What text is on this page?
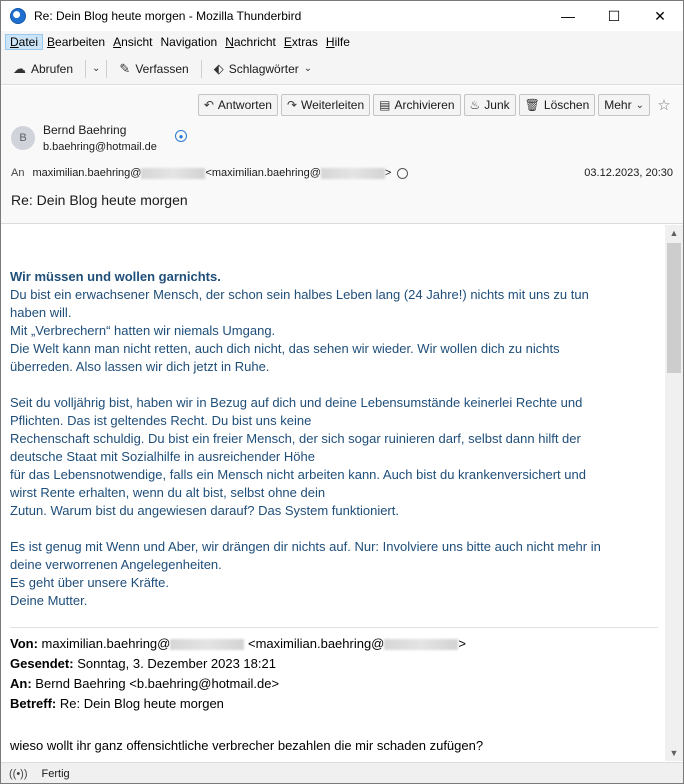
Re: Dein Blog heute morgen - Mozilla Thunderbird	—	☐	✕
Datei Bearbeiten Ansicht Navigation Nachricht Extras Hilfe
☁ Abrufen ⌄ ✎ Verfassen ⬖ Schlagwörter ⌄
↶ Antworten ↷ Weiterleiten ▤ Archivieren ♨ Junk 🗑 Löschen Mehr ⌄ ☆
B
Bernd Baehring
b.baehring@hotmail.de
●
An maximilian.baehring@	<maximilian.baehring@	>	03.12.2023, 20:30
Re: Dein Blog heute morgen

Wir müssen und wollen garnichts.

Du bist ein erwachsener Mensch, der schon sein halbes Leben lang (24 Jahre!) nichts mit uns zu tun

haben will.

Mit „Verbrechern“ hatten wir niemals Umgang.

Die Welt kann man nicht retten, auch dich nicht, das sehen wir wieder. Wir wollen dich zu nichts

überreden. Also lassen wir dich jetzt in Ruhe.

Seit du volljährig bist, haben wir in Bezug auf dich und deine Lebensumstände keinerlei Rechte und

Pflichten. Das ist geltendes Recht. Du bist uns keine

Rechenschaft schuldig. Du bist ein freier Mensch, der sich sogar ruinieren darf, selbst dann hilft der

deutsche Staat mit Sozialhilfe in ausreichender Höhe

für das Lebensnotwendige, falls ein Mensch nicht arbeiten kann. Auch bist du krankenversichert und

wirst Rente erhalten, wenn du alt bist, selbst ohne dein

Zutun. Warum bist du angewiesen darauf? Das System funktioniert.

Es ist genug mit Wenn und Aber, wir drängen dir nichts auf. Nur: Involviere uns bitte auch nicht mehr in

deine verworrenen Angelegenheiten.

Es geht über unsere Kräfte.

Deine Mutter.

Von: maximilian.baehring@	<maximilian.baehring@	>

Gesendet: Sonntag, 3. Dezember 2023 18:21

An: Bernd Baehring <b.baehring@hotmail.de>

Betreff: Re: Dein Blog heute morgen

wieso wollt ihr ganz offensichtliche verbrecher bezahlen die mir schaden zufügen?

▲
▼
((•)) Fertig
